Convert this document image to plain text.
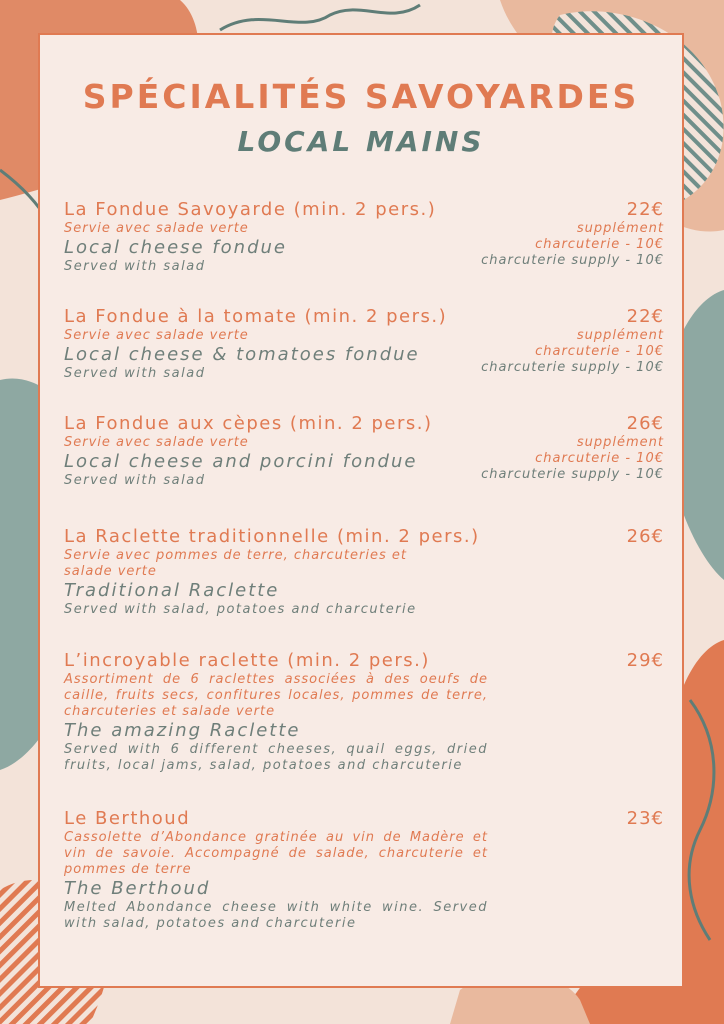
SPÉCIALITÉS SAVOYARDES
LOCAL MAINS
La Fondue Savoyarde (min. 2 pers.)
Servie avec salade verte
Local cheese fondue
Served with salad
22€
supplément
charcuterie - 10€
charcuterie supply - 10€
La Fondue à la tomate (min. 2 pers.)
Servie avec salade verte
Local cheese & tomatoes fondue
Served with salad
22€
supplément
charcuterie - 10€
charcuterie supply - 10€
La Fondue aux cèpes (min. 2 pers.)
Servie avec salade verte
Local cheese and porcini fondue
Served with salad
26€
supplément
charcuterie - 10€
charcuterie supply - 10€
La Raclette traditionnelle (min. 2 pers.)
Servie avec pommes de terre, charcuteries et salade verte
Traditional Raclette
Served with salad, potatoes and charcuterie
26€
L’incroyable raclette (min. 2 pers.)
Assortiment de 6 raclettes associées à des oeufs de caille, fruits secs, confitures locales, pommes de terre, charcuteries et salade verte
The amazing Raclette
Served with 6 different cheeses, quail eggs, dried fruits, local jams, salad, potatoes and charcuterie
29€
Le Berthoud
Cassolette d’Abondance gratinée au vin de Madère et vin de savoie. Accompagné de salade, charcuterie et pommes de terre
The Berthoud
Melted Abondance cheese with white wine. Served with salad, potatoes and charcuterie
23€
